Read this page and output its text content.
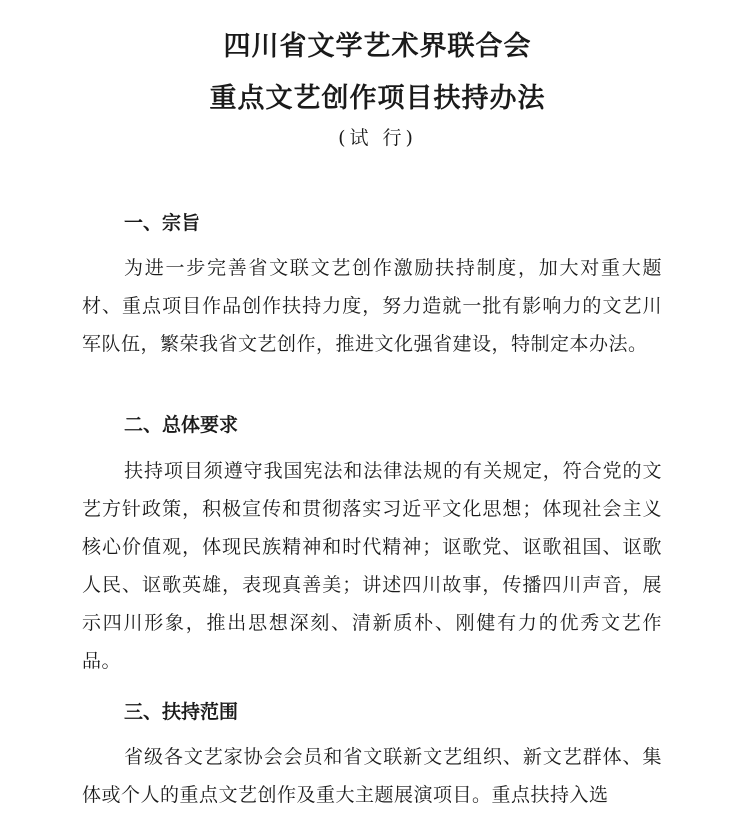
四川省文学艺术界联合会
重点文艺创作项目扶持办法
(试 行)
一、宗旨

为进一步完善省文联文艺创作激励扶持制度，加大对重大题材、重点项目作品创作扶持力度，努力造就一批有影响力的文艺川军队伍，繁荣我省文艺创作，推进文化强省建设，特制定本办法。

二、总体要求

扶持项目须遵守我国宪法和法律法规的有关规定，符合党的文艺方针政策，积极宣传和贯彻落实习近平文化思想；体现社会主义核心价值观，体现民族精神和时代精神；讴歌党、讴歌祖国、讴歌人民、讴歌英雄，表现真善美；讲述四川故事，传播四川声音，展示四川形象，推出思想深刻、清新质朴、刚健有力的优秀文艺作品。

三、扶持范围

省级各文艺家协会会员和省文联新文艺组织、新文艺群体、集体或个人的重点文艺创作及重大主题展演项目。重点扶持入选
